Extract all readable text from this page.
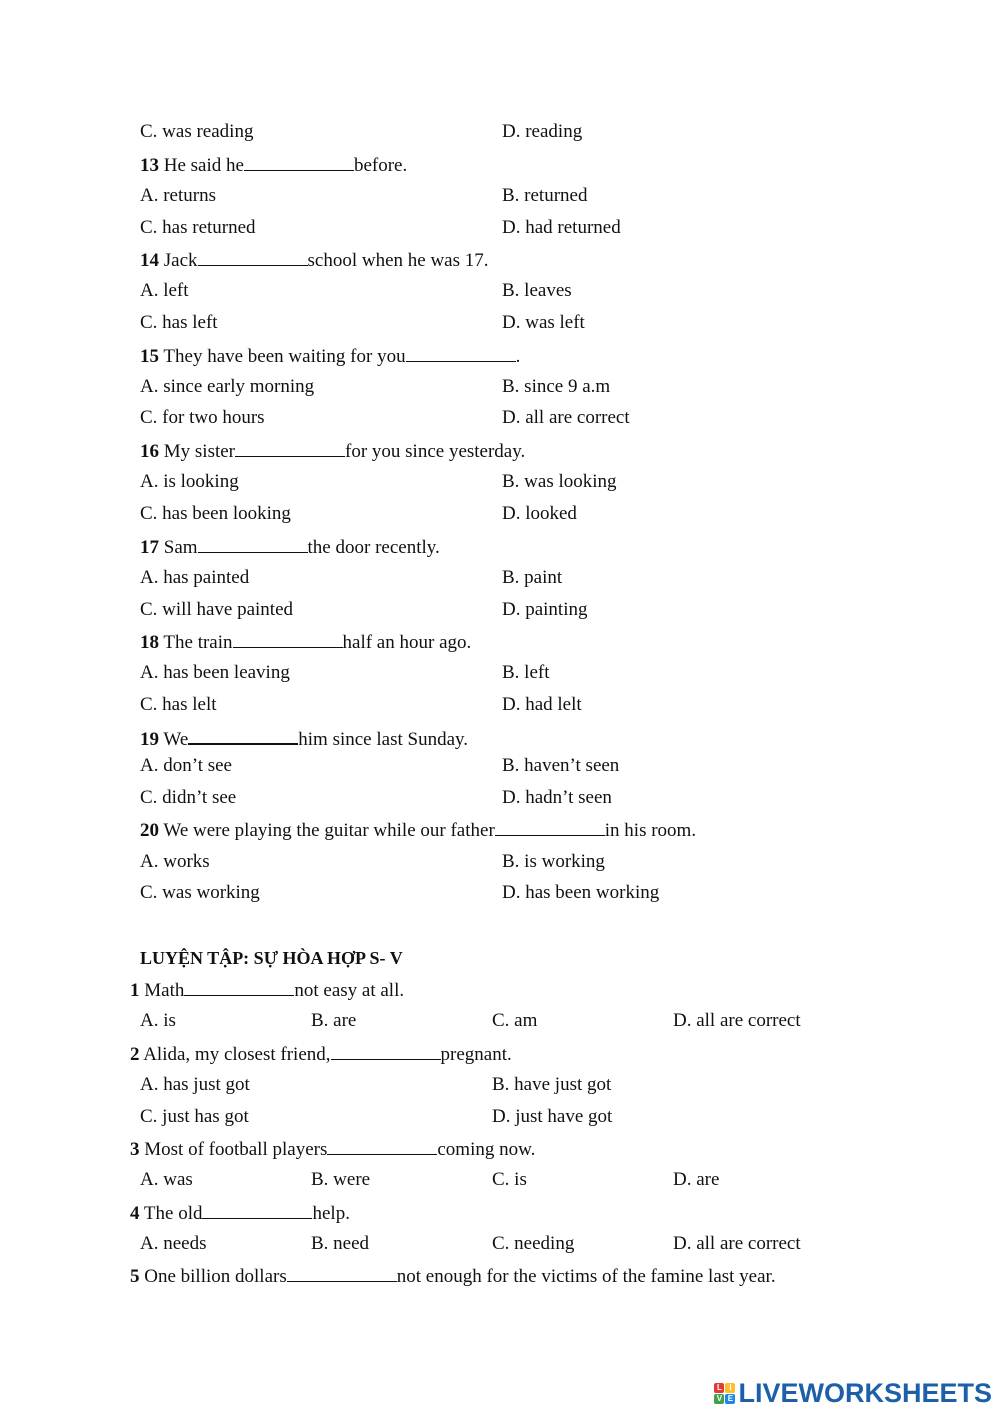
C. was reading	D. reading
13 He said he	before.
A. returns	B. returned
C. has returned	D. had returned
14 Jack	school when he was 17.
A. left	B. leaves
C. has left	D. was left
15 They have been waiting for you	.
A. since early morning	B. since 9 a.m
C. for two hours	D. all are correct
16 My sister	for you since yesterday.
A. is looking	B. was looking
C. has been looking	D. looked
17 Sam	the door recently.
A. has painted	B. paint
C. will have painted	D. painting
18 The train	half an hour ago.
A. has been leaving	B. left
C. has lelt	D. had lelt
19 We	him since last Sunday.
A. don’t see	B. haven’t seen
C. didn’t see	D. hadn’t seen
20 We were playing the guitar while our father	in his room.
A. works	B. is working
C. was working	D. has been working
LUYỆN TẬP: SỰ HÒA HỢP S- V
1 Math	not easy at all.
A. is	B. are	C. am	D. all are correct
2 Alida, my closest friend,	pregnant.
A. has just got	B. have just got
C. just has got	D. just have got
3 Most of football players	coming now.
A. was	B. were	C. is	D. are
4 The old	help.
A. needs	B. need	C. needing	D. all are correct
5 One billion dollars	not enough for the victims of the famine last year.
L I
V E LIVEWORKSHEETS
